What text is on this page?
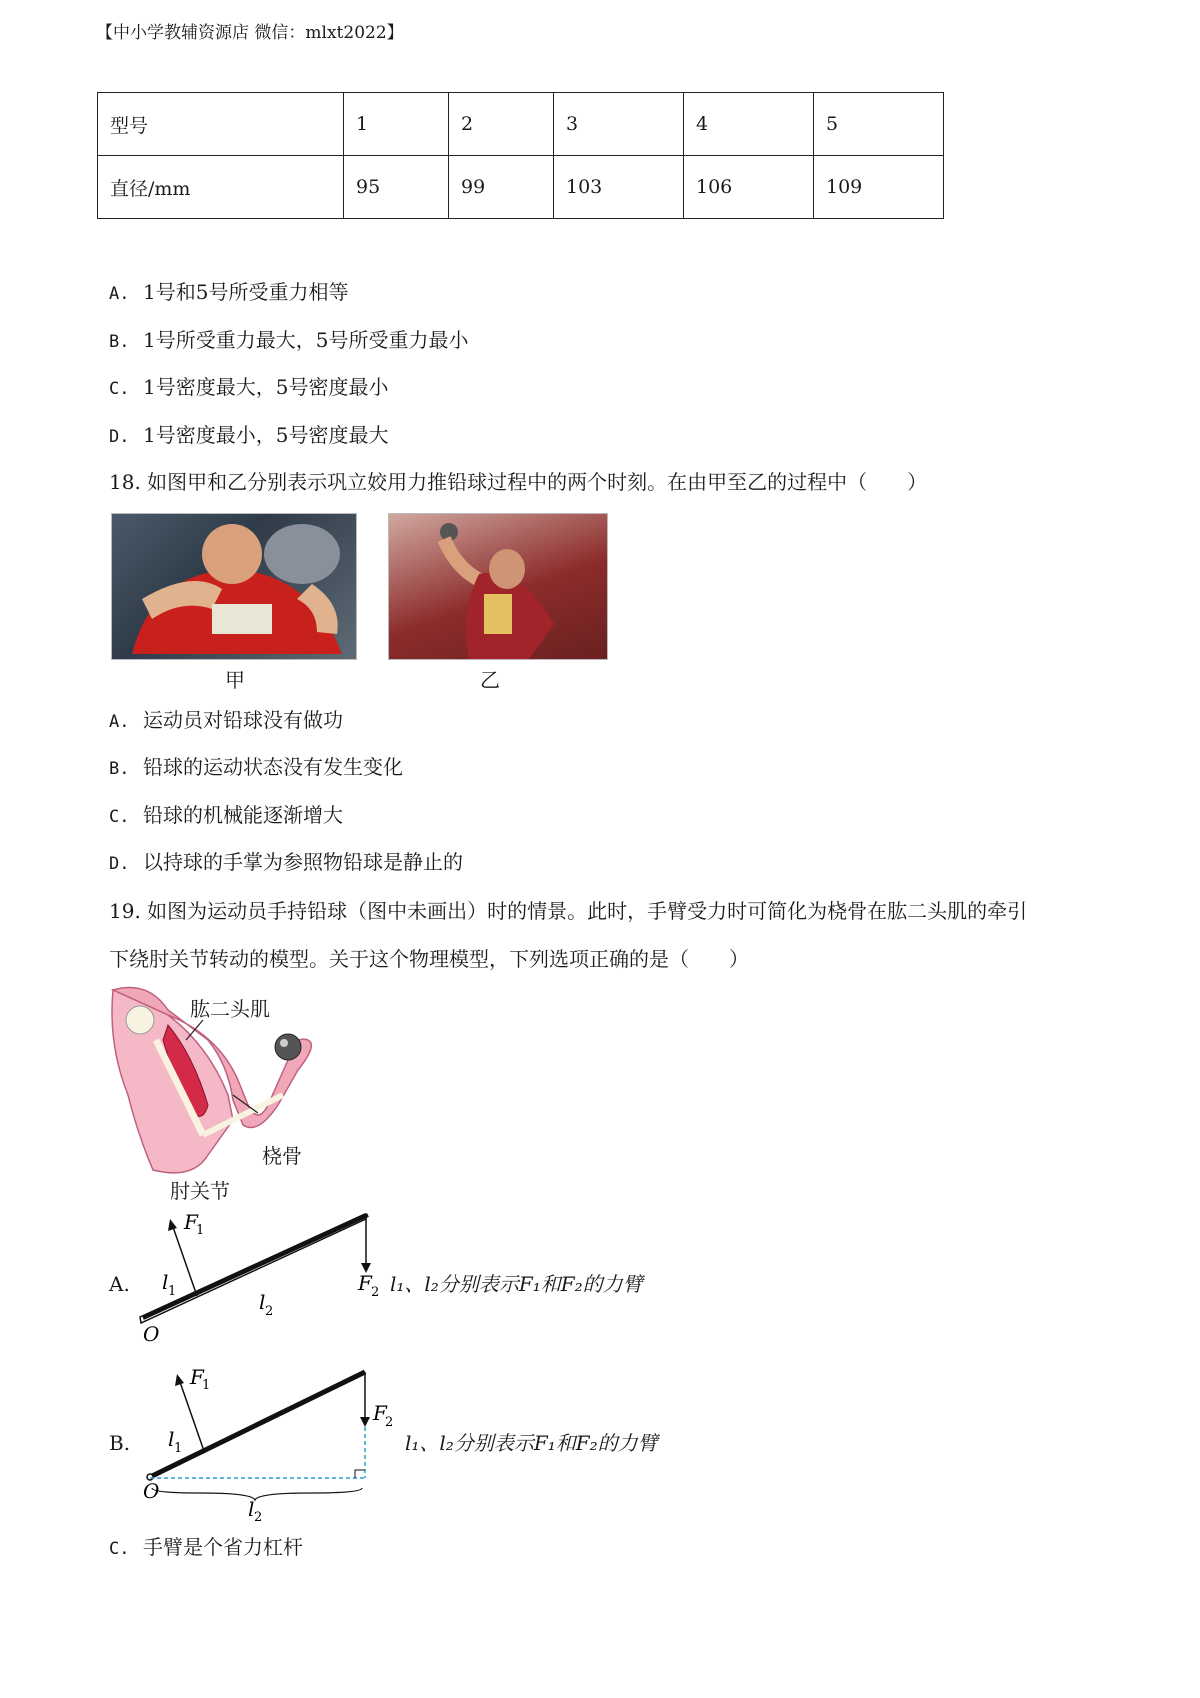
【中小学教辅资源店 微信：mlxt2022】
型号	1	2	3	4	5
直径/mm	95	99	103	106	109
A. 1号和5号所受重力相等
B. 1号所受重力最大，5号所受重力最小
C. 1号密度最大，5号密度最小
D. 1号密度最小，5号密度最大
18. 如图甲和乙分别表示巩立姣用力推铅球过程中的两个时刻。在由甲至乙的过程中（　　）
甲	乙
A. 运动员对铅球没有做功
B. 铅球的运动状态没有发生变化
C. 铅球的机械能逐渐增大
D. 以持球的手掌为参照物铅球是静止的
19. 如图为运动员手持铅球（图中未画出）时的情景。此时，手臂受力时可简化为桡骨在肱二头肌的牵引
下绕肘关节转动的模型。关于这个物理模型，下列选项正确的是（　　）
肱二头肌
桡骨
肘关节
A.
F
1
l 1	l 2
F 2
O
l₁、l₂分别表示F₁和F₂的力臂
B.
F
1
l 1
F
2
O
l 2
l₁、l₂分别表示F₁和F₂的力臂
C. 手臂是个省力杠杆
